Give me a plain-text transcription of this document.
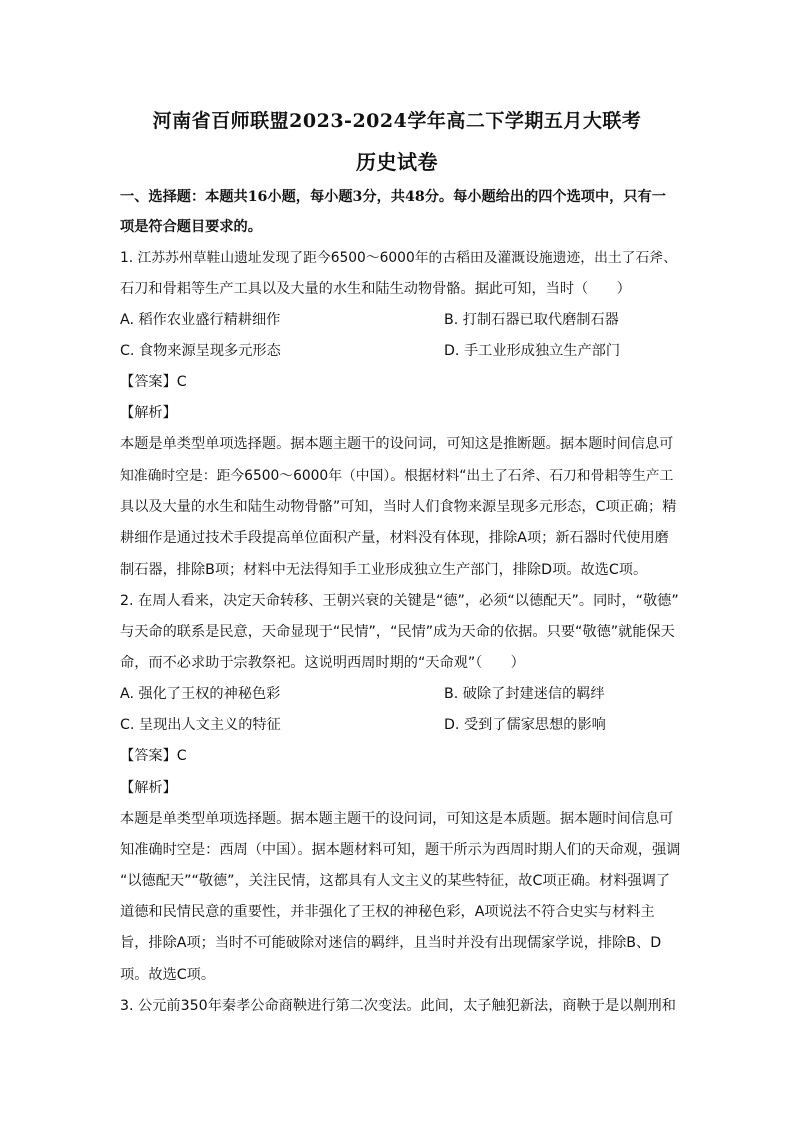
河南省百师联盟2023-2024学年高二下学期五月大联考
历史试卷
一、选择题：本题共16小题，每小题3分，共48分。每小题给出的四个选项中，只有一
项是符合题目要求的。
1. 江苏苏州草鞋山遗址发现了距今6500～6000年的古稻田及灌溉设施遗迹，出土了石斧、
石刀和骨耜等生产工具以及大量的水生和陆生动物骨骼。据此可知，当时（　　）
A. 稻作农业盛行精耕细作	B. 打制石器已取代磨制石器
C. 食物来源呈现多元形态	D. 手工业形成独立生产部门
【答案】C
【解析】
本题是单类型单项选择题。据本题主题干的设问词，可知这是推断题。据本题时间信息可
知准确时空是：距今6500～6000年（中国）。根据材料“出土了石斧、石刀和骨耜等生产工
具以及大量的水生和陆生动物骨骼”可知，当时人们食物来源呈现多元形态，C项正确；精
耕细作是通过技术手段提高单位面积产量，材料没有体现，排除A项；新石器时代使用磨
制石器，排除B项；材料中无法得知手工业形成独立生产部门，排除D项。故选C项。
2. 在周人看来，决定天命转移、王朝兴衰的关键是“德”，必须“以德配天”。同时，“敬德”
与天命的联系是民意，天命显现于“民情”，“民情”成为天命的依据。只要“敬德”就能保天
命，而不必求助于宗教祭祀。这说明西周时期的“天命观”（　　）
A. 强化了王权的神秘色彩	B. 破除了封建迷信的羁绊
C. 呈现出人文主义的特征	D. 受到了儒家思想的影响
【答案】C
【解析】
本题是单类型单项选择题。据本题主题干的设问词，可知这是本质题。据本题时间信息可
知准确时空是：西周（中国）。据本题材料可知，题干所示为西周时期人们的天命观，强调
“以德配天”“敬德”，关注民情，这都具有人文主义的某些特征，故C项正确。材料强调了
道德和民情民意的重要性，并非强化了王权的神秘色彩，A项说法不符合史实与材料主
旨，排除A项；当时不可能破除对迷信的羁绊，且当时并没有出现儒家学说，排除B、D
项。故选C项。
3. 公元前350年秦孝公命商鞅进行第二次变法。此间，太子触犯新法，商鞅于是以劓刑和
